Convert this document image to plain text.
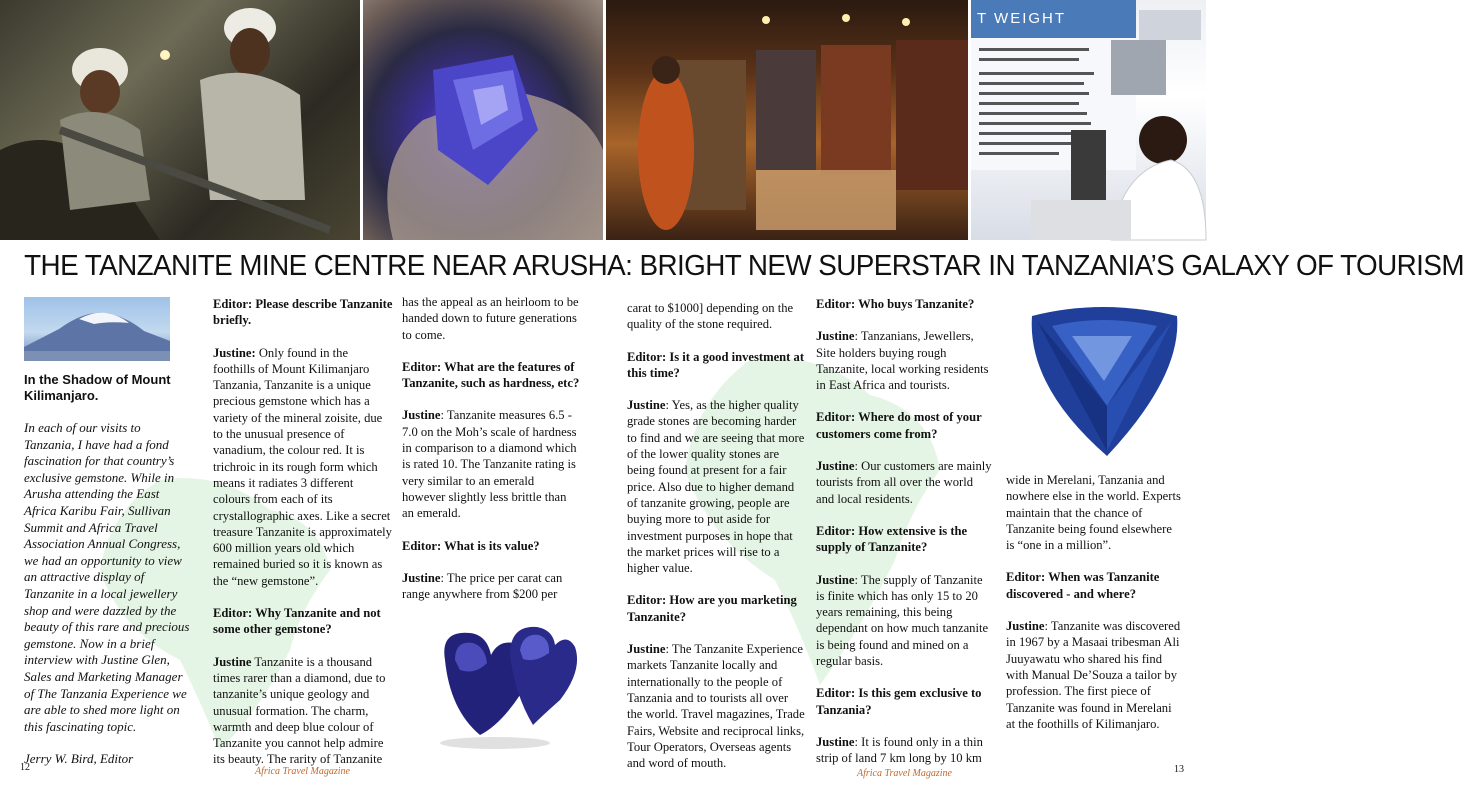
T WEIGHT
THE TANZANITE MINE CENTRE NEAR ARUSHA: BRIGHT NEW SUPERSTAR IN TANZANIA’S GALAXY OF TOURISM

In the Shadow of Mount Kilimanjaro.

In each of our visits to Tanzania, I have had a fond fascination for that country’s exclusive gemstone. While in Arusha attending the East Africa Karibu Fair, Sullivan Summit and Africa Travel Association Annual Congress, we had an opportunity to view an attractive display of Tanzanite in a local jewellery shop and were dazzled by the beauty of this rare and precious gemstone. Now in a brief interview with Justine Glen, Sales and Marketing Manager of The Tanzania Experience we are able to shed more light on this fascinating topic.

Jerry W. Bird, Editor

Editor: Please describe Tanzanite briefly.

Justine: Only found in the foothills of Mount Kilimanjaro Tanzania, Tanzanite is a unique precious gemstone which has a variety of the mineral zoisite, due to the unusual presence of vanadium, the colour red. It is trichroic in its rough form which means it radiates 3 different colours from each of its crystallographic axes. Like a secret treasure Tanzanite is approximately 600 million years old which remained buried so it is known as the “new gemstone”.

Editor: Why Tanzanite and not some other gemstone?

Justine Tanzanite is a thousand times rarer than a diamond, due to tanzanite’s unique geology and unusual formation. The charm, warmth and deep blue colour of Tanzanite you cannot help admire its beauty. The rarity of Tanzanite

has the appeal as an heirloom to be handed down to future generations to come.

Editor: What are the features of Tanzanite, such as hardness, etc?

Justine: Tanzanite measures 6.5 - 7.0 on the Moh’s scale of hardness in comparison to a diamond which is rated 10. The Tanzanite rating is very similar to an emerald however slightly less brittle than an emerald.

Editor: What is its value?

Justine: The price per carat can range anywhere from $200 per

carat to $1000] depending on the quality of the stone required.

Editor: Is it a good investment at this time?

Justine: Yes, as the higher quality grade stones are becoming harder to find and we are seeing that more of the lower quality stones are being found at present for a fair price. Also due to higher demand of tanzanite growing, people are buying more to put aside for investment purposes in hope that the market prices will rise to a higher value.

Editor: How are you marketing Tanzanite?

Justine: The Tanzanite Experience markets Tanzanite locally and internationally to the people of Tanzania and to tourists all over the world. Travel magazines, Trade Fairs, Website and reciprocal links, Tour Operators, Overseas agents and word of mouth.

Editor: Who buys Tanzanite?

Justine: Tanzanians, Jewellers, Site holders buying rough Tanzanite, local working residents in East Africa and tourists.

Editor: Where do most of your customers come from?

Justine: Our customers are mainly tourists from all over the world and local residents.

Editor: How extensive is the supply of Tanzanite?

Justine: The supply of Tanzanite is finite which has only 15 to 20 years remaining, this being dependant on how much tanzanite is being found and mined on a regular basis.

Editor: Is this gem exclusive to Tanzania?

Justine: It is found only in a thin strip of land 7 km long by 10 km

wide in Merelani, Tanzania and nowhere else in the world. Experts maintain that the chance of Tanzanite being found elsewhere is “one in a million”.

Editor: When was Tanzanite discovered - and where?

Justine: Tanzanite was discovered in 1967 by a Masaai tribesman Ali Juuyawatu who shared his find with Manual De’Souza a tailor by profession. The first piece of Tanzanite was found in Merelani at the foothills of Kilimanjaro.

12	Africa Travel Magazine	Africa Travel Magazine	13
